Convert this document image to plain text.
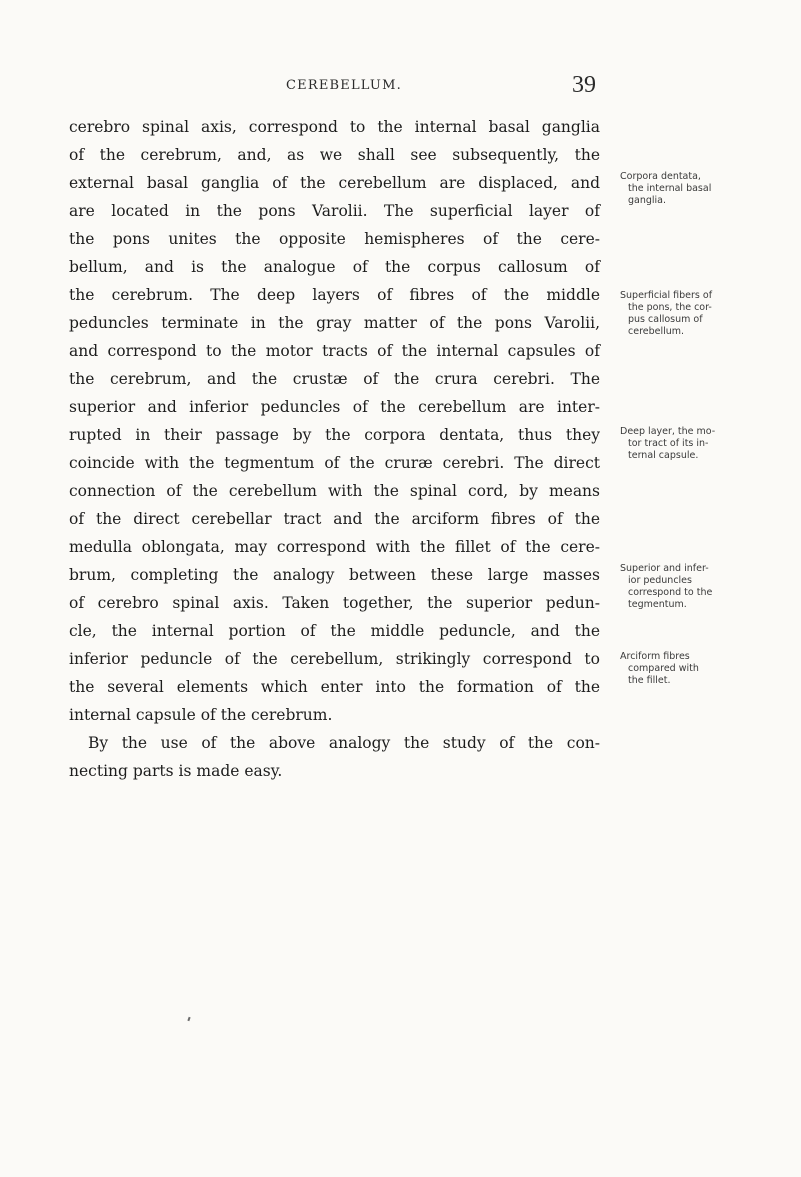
CEREBELLUM.	39
cerebro spinal axis, correspond to the internal basal ganglia
of the cerebrum, and, as we shall see subsequently, the
external basal ganglia of the cerebellum are displaced, and
are located in the pons Varolii. The superficial layer of
the pons unites the opposite hemispheres of the cere-
bellum, and is the analogue of the corpus callosum of
the cerebrum. The deep layers of fibres of the middle
peduncles terminate in the gray matter of the pons Varolii,
and correspond to the motor tracts of the internal capsules of
the cerebrum, and the crustæ of the crura cerebri. The
superior and inferior peduncles of the cerebellum are inter-
rupted in their passage by the corpora dentata, thus they
coincide with the tegmentum of the cruræ cerebri. The direct
connection of the cerebellum with the spinal cord, by means
of the direct cerebellar tract and the arciform fibres of the
medulla oblongata, may correspond with the fillet of the cere-
brum, completing the analogy between these large masses
of cerebro spinal axis. Taken together, the superior pedun-
cle, the internal portion of the middle peduncle, and the
inferior peduncle of the cerebellum, strikingly correspond to
the several elements which enter into the formation of the
internal capsule of the cerebrum.
By the use of the above analogy the study of the con-
necting parts is made easy.
Corpora dentata,
the internal basal
ganglia.
Superficial fibers of
the pons, the cor-
pus callosum of
cerebellum.
Deep layer, the mo-
tor tract of its in-
ternal capsule.
Superior and infer-
ior peduncles
correspond to the
tegmentum.
Arciform fibres
compared with
the fillet.
